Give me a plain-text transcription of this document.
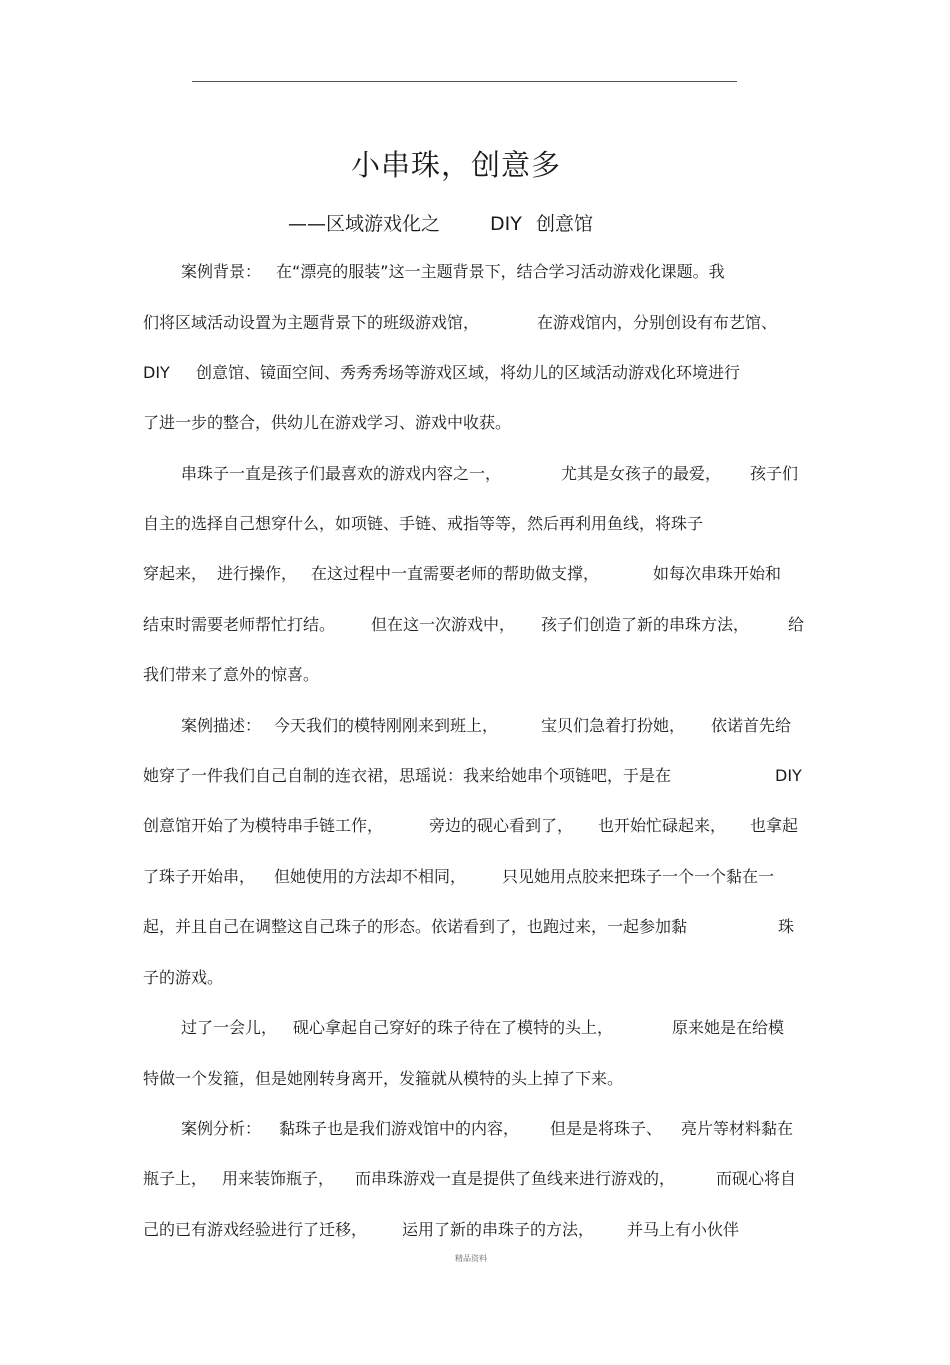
小串珠，创意多
——区域游戏化之	DIY 创意馆

案例背景：

在“漂亮的服装”这一主题背景下，结合学习活动游戏化课题。我

们将区域活动设置为主题背景下的班级游戏馆，

	在游戏馆内，分别创设有布艺馆、

DIY

创意馆、镜面空间、秀秀秀场等游戏区域，将幼儿的区域活动游戏化环境进行

了进一步的整合，供幼儿在游戏学习、游戏中收获。

串珠子一直是孩子们最喜欢的游戏内容之一，

	尤其是女孩子的最爱，

孩子们

自主的选择自己想穿什么，如项链、手链、戒指等等，然后再利用鱼线，将珠子

穿起来，

进行操作，

在这过程中一直需要老师的帮助做支撑，

	如每次串珠开始和

结束时需要老师帮忙打结。

但在这一次游戏中，

孩子们创造了新的串珠方法，

给

我们带来了意外的惊喜。

案例描述：

今天我们的模特刚刚来到班上，

	宝贝们急着打扮她，

依诺首先给

她穿了一件我们自己自制的连衣裙，思瑶说：我来给她串个项链吧，于是在

	DIY

创意馆开始了为模特串手链工作，

	旁边的砚心看到了，

也开始忙碌起来，

也拿起

了珠子开始串，

但她使用的方法却不相同，

只见她用点胶来把珠子一个一个黏在一

起，并且自己在调整这自己珠子的形态。依诺看到了，也跑过来，一起参加黏

	珠

子的游戏。

过了一会儿，

砚心拿起自己穿好的珠子待在了模特的头上，

	原来她是在给模

特做一个发箍，但是她刚转身离开，发箍就从模特的头上掉了下来。

案例分析：

黏珠子也是我们游戏馆中的内容，

但是是将珠子、

亮片等材料黏在

瓶子上，

用来装饰瓶子，

而串珠游戏一直是提供了鱼线来进行游戏的，

	而砚心将自

己的已有游戏经验进行了迁移，

运用了新的串珠子的方法，

并马上有小伙伴

精品资料
